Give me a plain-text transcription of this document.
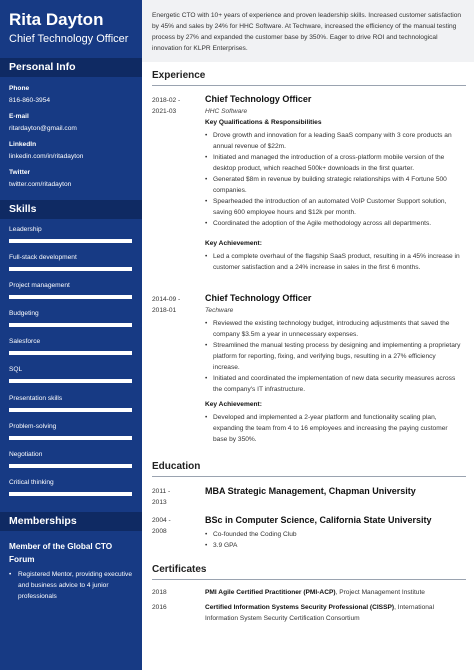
Rita Dayton
Chief Technology Officer
Personal Info
Phone
816-860-3954
E-mail
ritardayton@gmail.com
LinkedIn
linkedin.com/in/ritadayton
Twitter
twitter.com/ritadayton
Skills
Leadership
Full-stack development
Project management
Budgeting
Salesforce
SQL
Presentation skills
Problem-solving
Negotiation
Critical thinking
Memberships
Member of the Global CTO Forum
• Registered Mentor, providing executive and business advice to 4 junior professionals
Energetic CTO with 10+ years of experience and proven leadership skills. Increased customer satisfaction by 45% and sales by 24% for HHC Software. At Techware, increased the efficiency of the manual testing process by 27% and expanded the customer base by 350%. Eager to drive ROI and technological innovation for KLPR Enterprises.
Experience
2018-02 -
2021-03
Chief Technology Officer
HHC Software
Key Qualifications & Responsibilities
• Drove growth and innovation for a leading SaaS company with 3 core products an annual revenue of $22m.
• Initiated and managed the introduction of a cross-platform mobile version of the desktop product, which reached 500k+ downloads in the first quarter.
• Generated $8m in revenue by building strategic relationships with 4 Fortune 500 companies.
• Spearheaded the introduction of an automated VoIP Customer Support solution, saving 600 employee hours and $12k per month.
• Coordinated the adoption of the Agile methodology across all departments.
Key Achievement:
• Led a complete overhaul of the flagship SaaS product, resulting in a 45% increase in customer satisfaction and a 24% increase in sales in the first 6 months.
2014-09 -
2018-01
Chief Technology Officer
Techware
• Reviewed the existing technology budget, introducing adjustments that saved the company $3.5m a year in unnecessary expenses.
• Streamlined the manual testing process by designing and implementing a proprietary platform for reporting, fixing, and verifying bugs, resulting in a 27% efficiency increase.
• Initiated and coordinated the implementation of new data security measures across the company's IT infrastructure.
Key Achievement:
• Developed and implemented a 2-year platform and functionality scaling plan, expanding the team from 4 to 16 employees and increasing the paying customer base by 350%.
Education
2011 -
2013
MBA Strategic Management, Chapman University
2004 -
2008
BSc in Computer Science, California State University
• Co-founded the Coding Club
• 3.9 GPA
Certificates
2018	PMI Agile Certified Practitioner (PMI-ACP), Project Management Institute
2016	Certified Information Systems Security Professional (CISSP), International Information System Security Certification Consortium
